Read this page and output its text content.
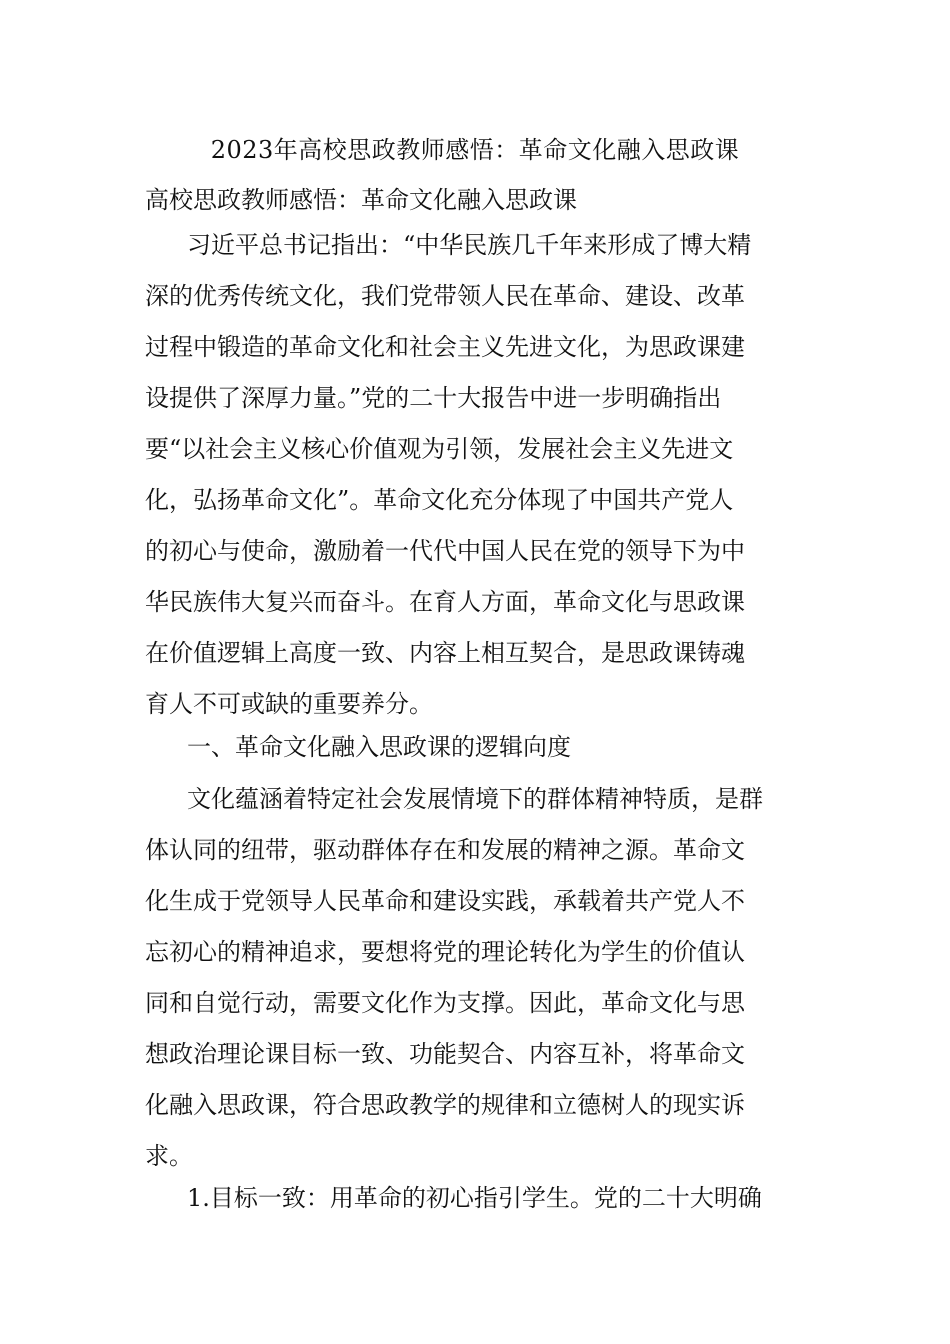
2023年高校思政教师感悟：革命文化融入思政课
高校思政教师感悟：革命文化融入思政课
习近平总书记指出：“中华民族几千年来形成了博大精
深的优秀传统文化，我们党带领人民在革命、建设、改革
过程中锻造的革命文化和社会主义先进文化，为思政课建
设提供了深厚力量。”党的二十大报告中进一步明确指出
要“以社会主义核心价值观为引领，发展社会主义先进文
化，弘扬革命文化”。革命文化充分体现了中国共产党人
的初心与使命，激励着一代代中国人民在党的领导下为中
华民族伟大复兴而奋斗。在育人方面，革命文化与思政课
在价值逻辑上高度一致、内容上相互契合，是思政课铸魂
育人不可或缺的重要养分。
一、革命文化融入思政课的逻辑向度
文化蕴涵着特定社会发展情境下的群体精神特质，是群
体认同的纽带，驱动群体存在和发展的精神之源。革命文
化生成于党领导人民革命和建设实践，承载着共产党人不
忘初心的精神追求，要想将党的理论转化为学生的价值认
同和自觉行动，需要文化作为支撑。因此，革命文化与思
想政治理论课目标一致、功能契合、内容互补，将革命文
化融入思政课，符合思政教学的规律和立德树人的现实诉
求。
1.目标一致：用革命的初心指引学生。党的二十大明确
